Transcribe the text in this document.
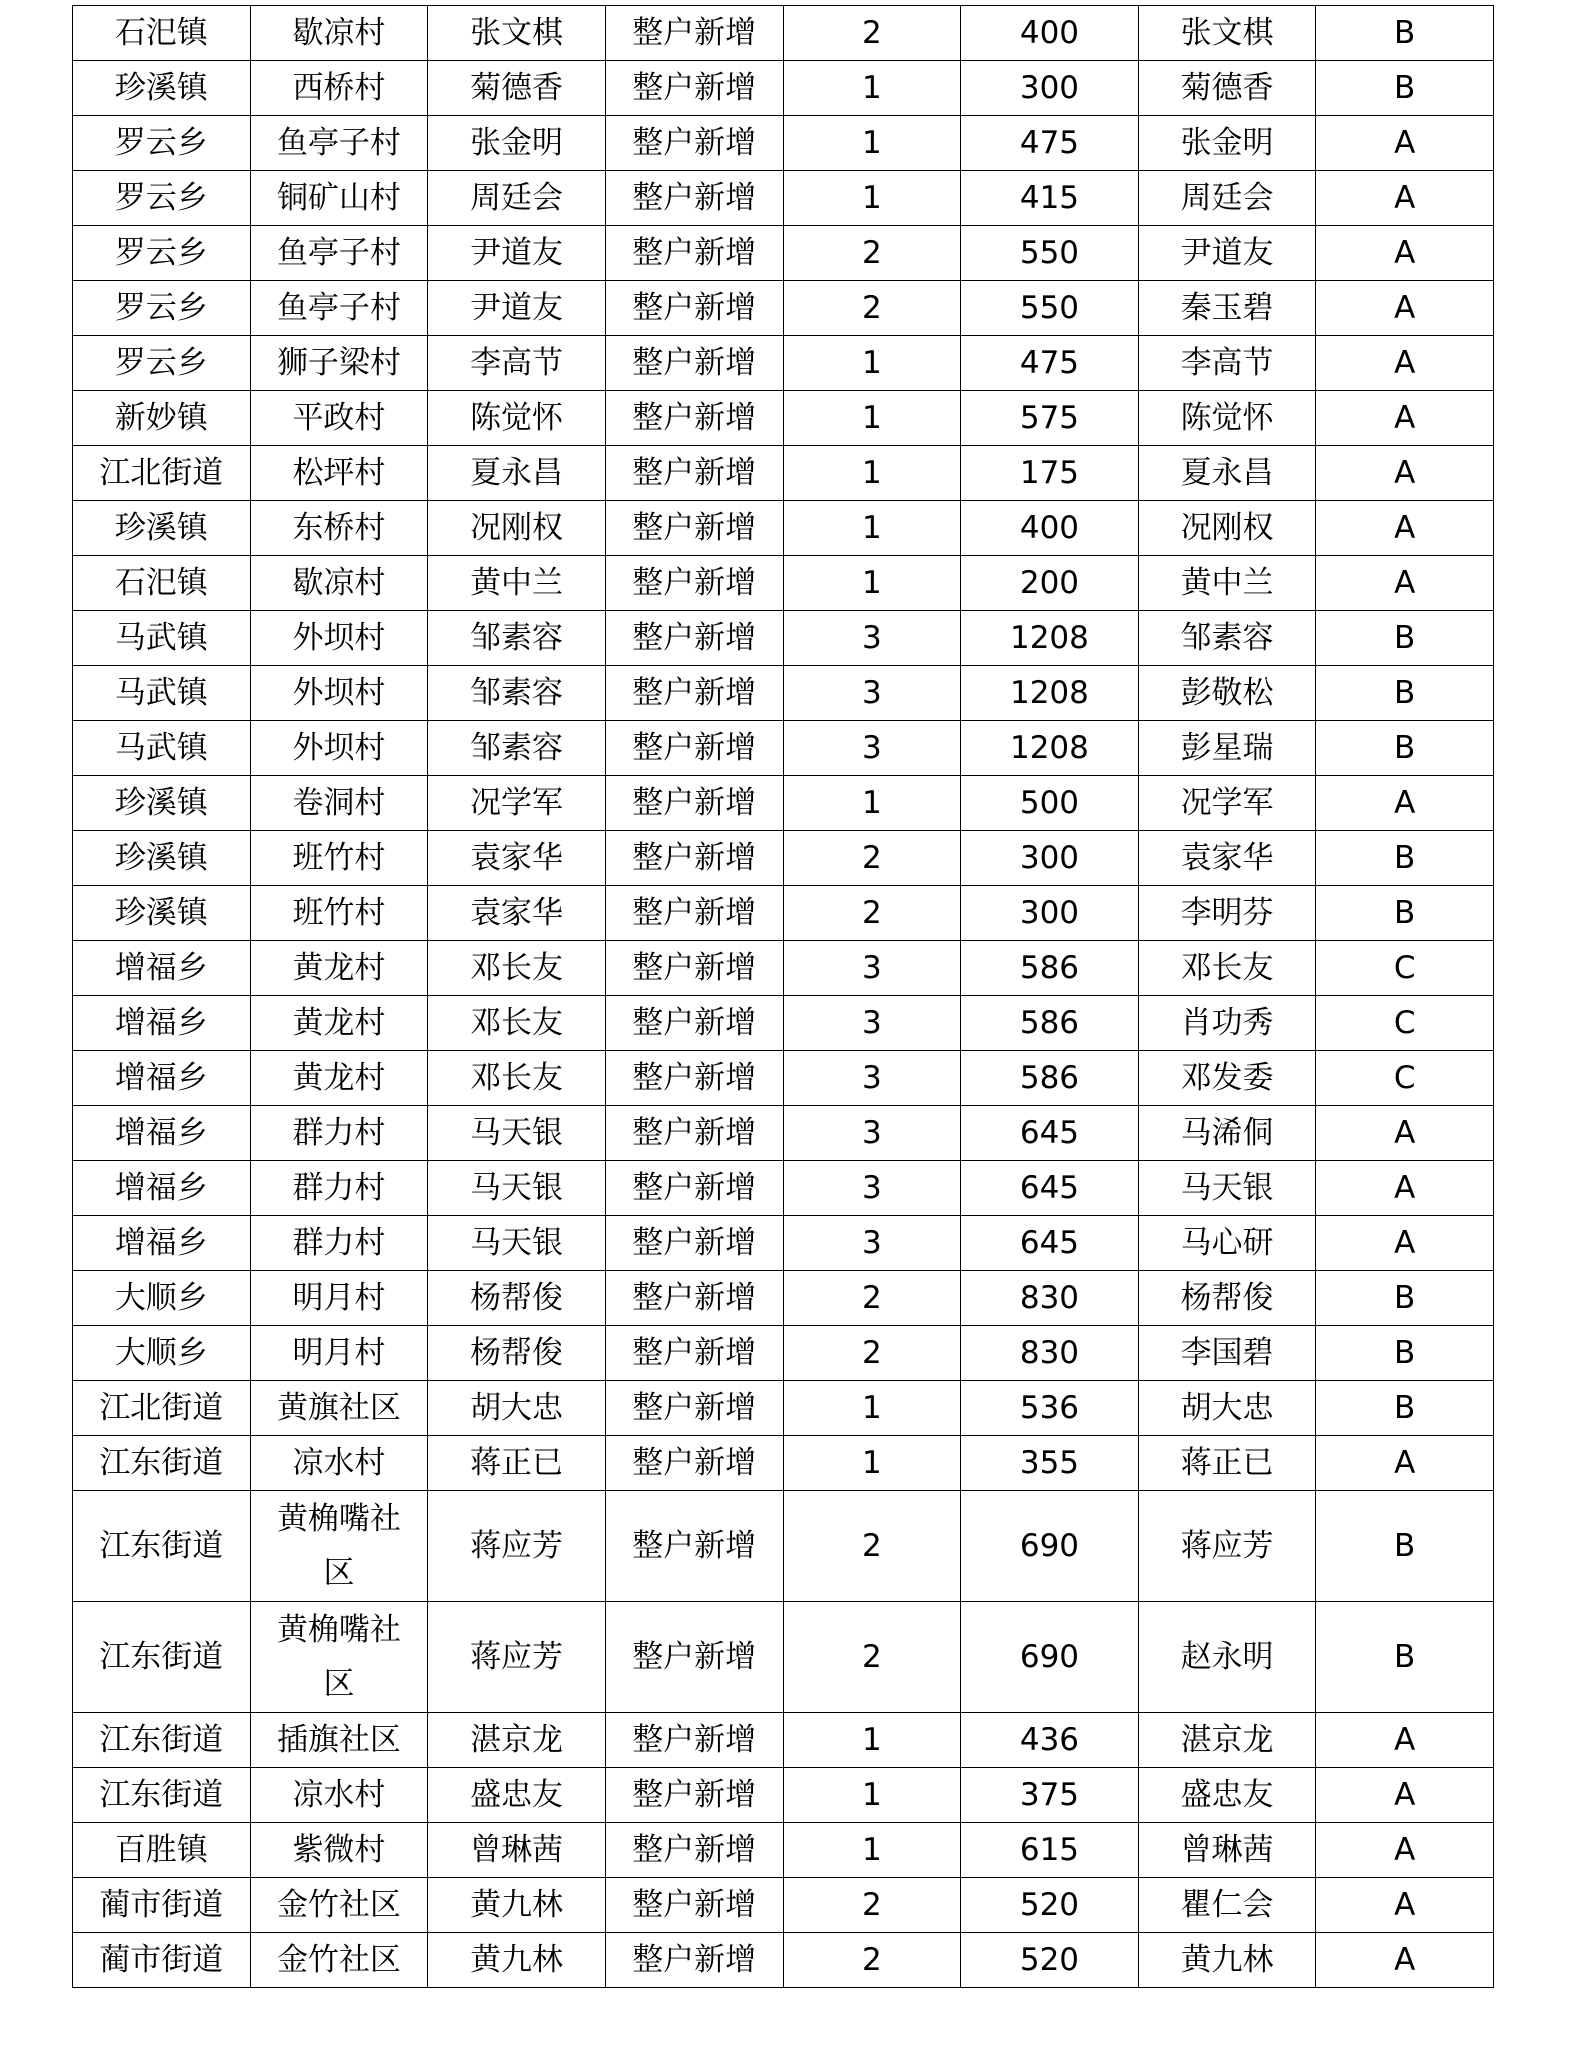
石汜镇	歇凉村	张文棋	整户新增	2	400	张文棋	B
珍溪镇	西桥村	菊德香	整户新增	1	300	菊德香	B
罗云乡	鱼亭子村	张金明	整户新增	1	475	张金明	A
罗云乡	铜矿山村	周廷会	整户新增	1	415	周廷会	A
罗云乡	鱼亭子村	尹道友	整户新增	2	550	尹道友	A
罗云乡	鱼亭子村	尹道友	整户新增	2	550	秦玉碧	A
罗云乡	狮子梁村	李高节	整户新增	1	475	李高节	A
新妙镇	平政村	陈觉怀	整户新增	1	575	陈觉怀	A
江北街道	松坪村	夏永昌	整户新增	1	175	夏永昌	A
珍溪镇	东桥村	况刚权	整户新增	1	400	况刚权	A
石汜镇	歇凉村	黄中兰	整户新增	1	200	黄中兰	A
马武镇	外坝村	邹素容	整户新增	3	1208	邹素容	B
马武镇	外坝村	邹素容	整户新增	3	1208	彭敬松	B
马武镇	外坝村	邹素容	整户新增	3	1208	彭星瑞	B
珍溪镇	卷洞村	况学军	整户新增	1	500	况学军	A
珍溪镇	班竹村	袁家华	整户新增	2	300	袁家华	B
珍溪镇	班竹村	袁家华	整户新增	2	300	李明芬	B
增福乡	黄龙村	邓长友	整户新增	3	586	邓长友	C
增福乡	黄龙村	邓长友	整户新增	3	586	肖功秀	C
增福乡	黄龙村	邓长友	整户新增	3	586	邓发委	C
增福乡	群力村	马天银	整户新增	3	645	马浠侗	A
增福乡	群力村	马天银	整户新增	3	645	马天银	A
增福乡	群力村	马天银	整户新增	3	645	马心研	A
大顺乡	明月村	杨帮俊	整户新增	2	830	杨帮俊	B
大顺乡	明月村	杨帮俊	整户新增	2	830	李国碧	B
江北街道	黄旗社区	胡大忠	整户新增	1	536	胡大忠	B
江东街道	凉水村	蒋正已	整户新增	1	355	蒋正已	A
江东街道	黄桷嘴社区	蒋应芳	整户新增	2	690	蒋应芳	B
江东街道	黄桷嘴社区	蒋应芳	整户新增	2	690	赵永明	B
江东街道	插旗社区	湛京龙	整户新增	1	436	湛京龙	A
江东街道	凉水村	盛忠友	整户新增	1	375	盛忠友	A
百胜镇	紫微村	曾琳茜	整户新增	1	615	曾琳茜	A
蔺市街道	金竹社区	黄九林	整户新增	2	520	瞿仁会	A
蔺市街道	金竹社区	黄九林	整户新增	2	520	黄九林	A
